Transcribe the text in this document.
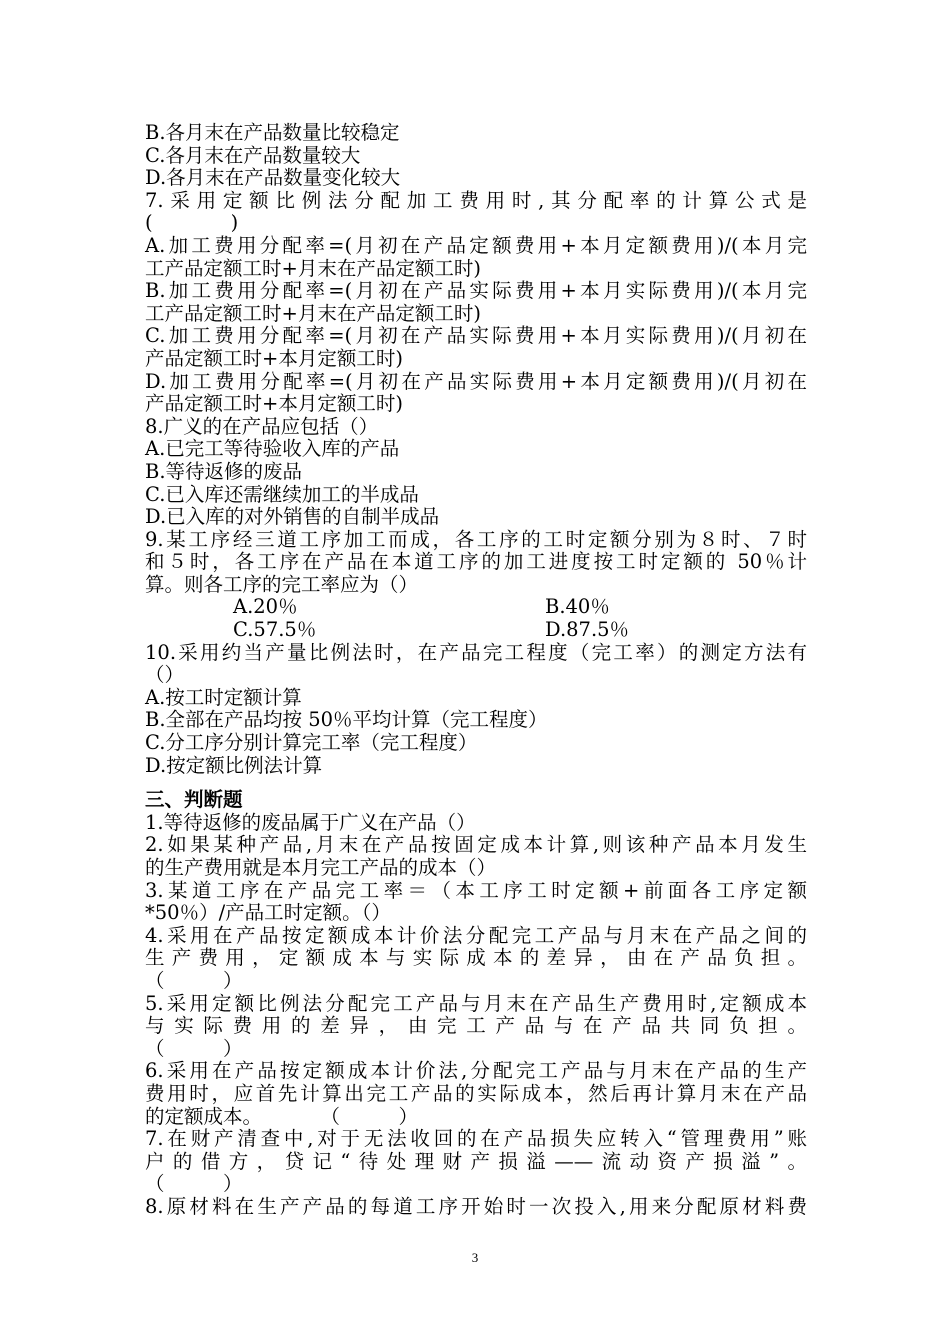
B.各月末在产品数量比较稳定
C.各月末在产品数量较大
D.各月末在产品数量变化较大
7.采用定额比例法分配加工费用时,其分配率的计算公式是
(　　　　)
A.加工费用分配率=(月初在产品定额费用+本月定额费用)/(本月完
工产品定额工时+月末在产品定额工时)
B.加工费用分配率=(月初在产品实际费用+本月实际费用)/(本月完
工产品定额工时+月末在产品定额工时)
C.加工费用分配率=(月初在产品实际费用+本月实际费用)/(月初在
产品定额工时+本月定额工时)
D.加工费用分配率=(月初在产品实际费用+本月定额费用)/(月初在
产品定额工时+本月定额工时)
8.广义的在产品应包括（）
A.已完工等待验收入库的产品
B.等待返修的废品
C.已入库还需继续加工的半成品
D.已入库的对外销售的自制半成品
9.某工序经三道工序加工而成，各工序的工时定额分别为８时、７时
和５时，各工序在产品在本道工序的加工进度按工时定额的 50％计
算。则各工序的完工率应为（）
A.20％	B.40％
C.57.5％	D.87.5％
10.采用约当产量比例法时，在产品完工程度（完工率）的测定方法有
（）
A.按工时定额计算
B.全部在产品均按 50％平均计算（完工程度）
C.分工序分别计算完工率（完工程度）
D.按定额比例法计算
三、判断题
1.等待返修的废品属于广义在产品（）
2.如果某种产品,月末在产品按固定成本计算,则该种产品本月发生
的生产费用就是本月完工产品的成本（）
3.某道工序在产品完工率＝（本工序工时定额+前面各工序定额
*50％）/产品工时定额。（）
4.采用在产品按定额成本计价法分配完工产品与月末在产品之间的
生产费用，定额成本与实际成本的差异，由在产品负担。
（　　　）
5.采用定额比例法分配完工产品与月末在产品生产费用时,定额成本
与实际费用的差异，由完工产品与在产品共同负担。
（　　　）
6.采用在产品按定额成本计价法,分配完工产品与月末在产品的生产
费用时，应首先计算出完工产品的实际成本，然后再计算月末在产品
的定额成本。　　　　（　　　）
7.在财产清查中,对于无法收回的在产品损失应转入“管理费用”账
户的借方，贷记“待处理财产损溢——流动资产损溢”。
（　　　）
8.原材料在生产产品的每道工序开始时一次投入,用来分配原材料费
3
